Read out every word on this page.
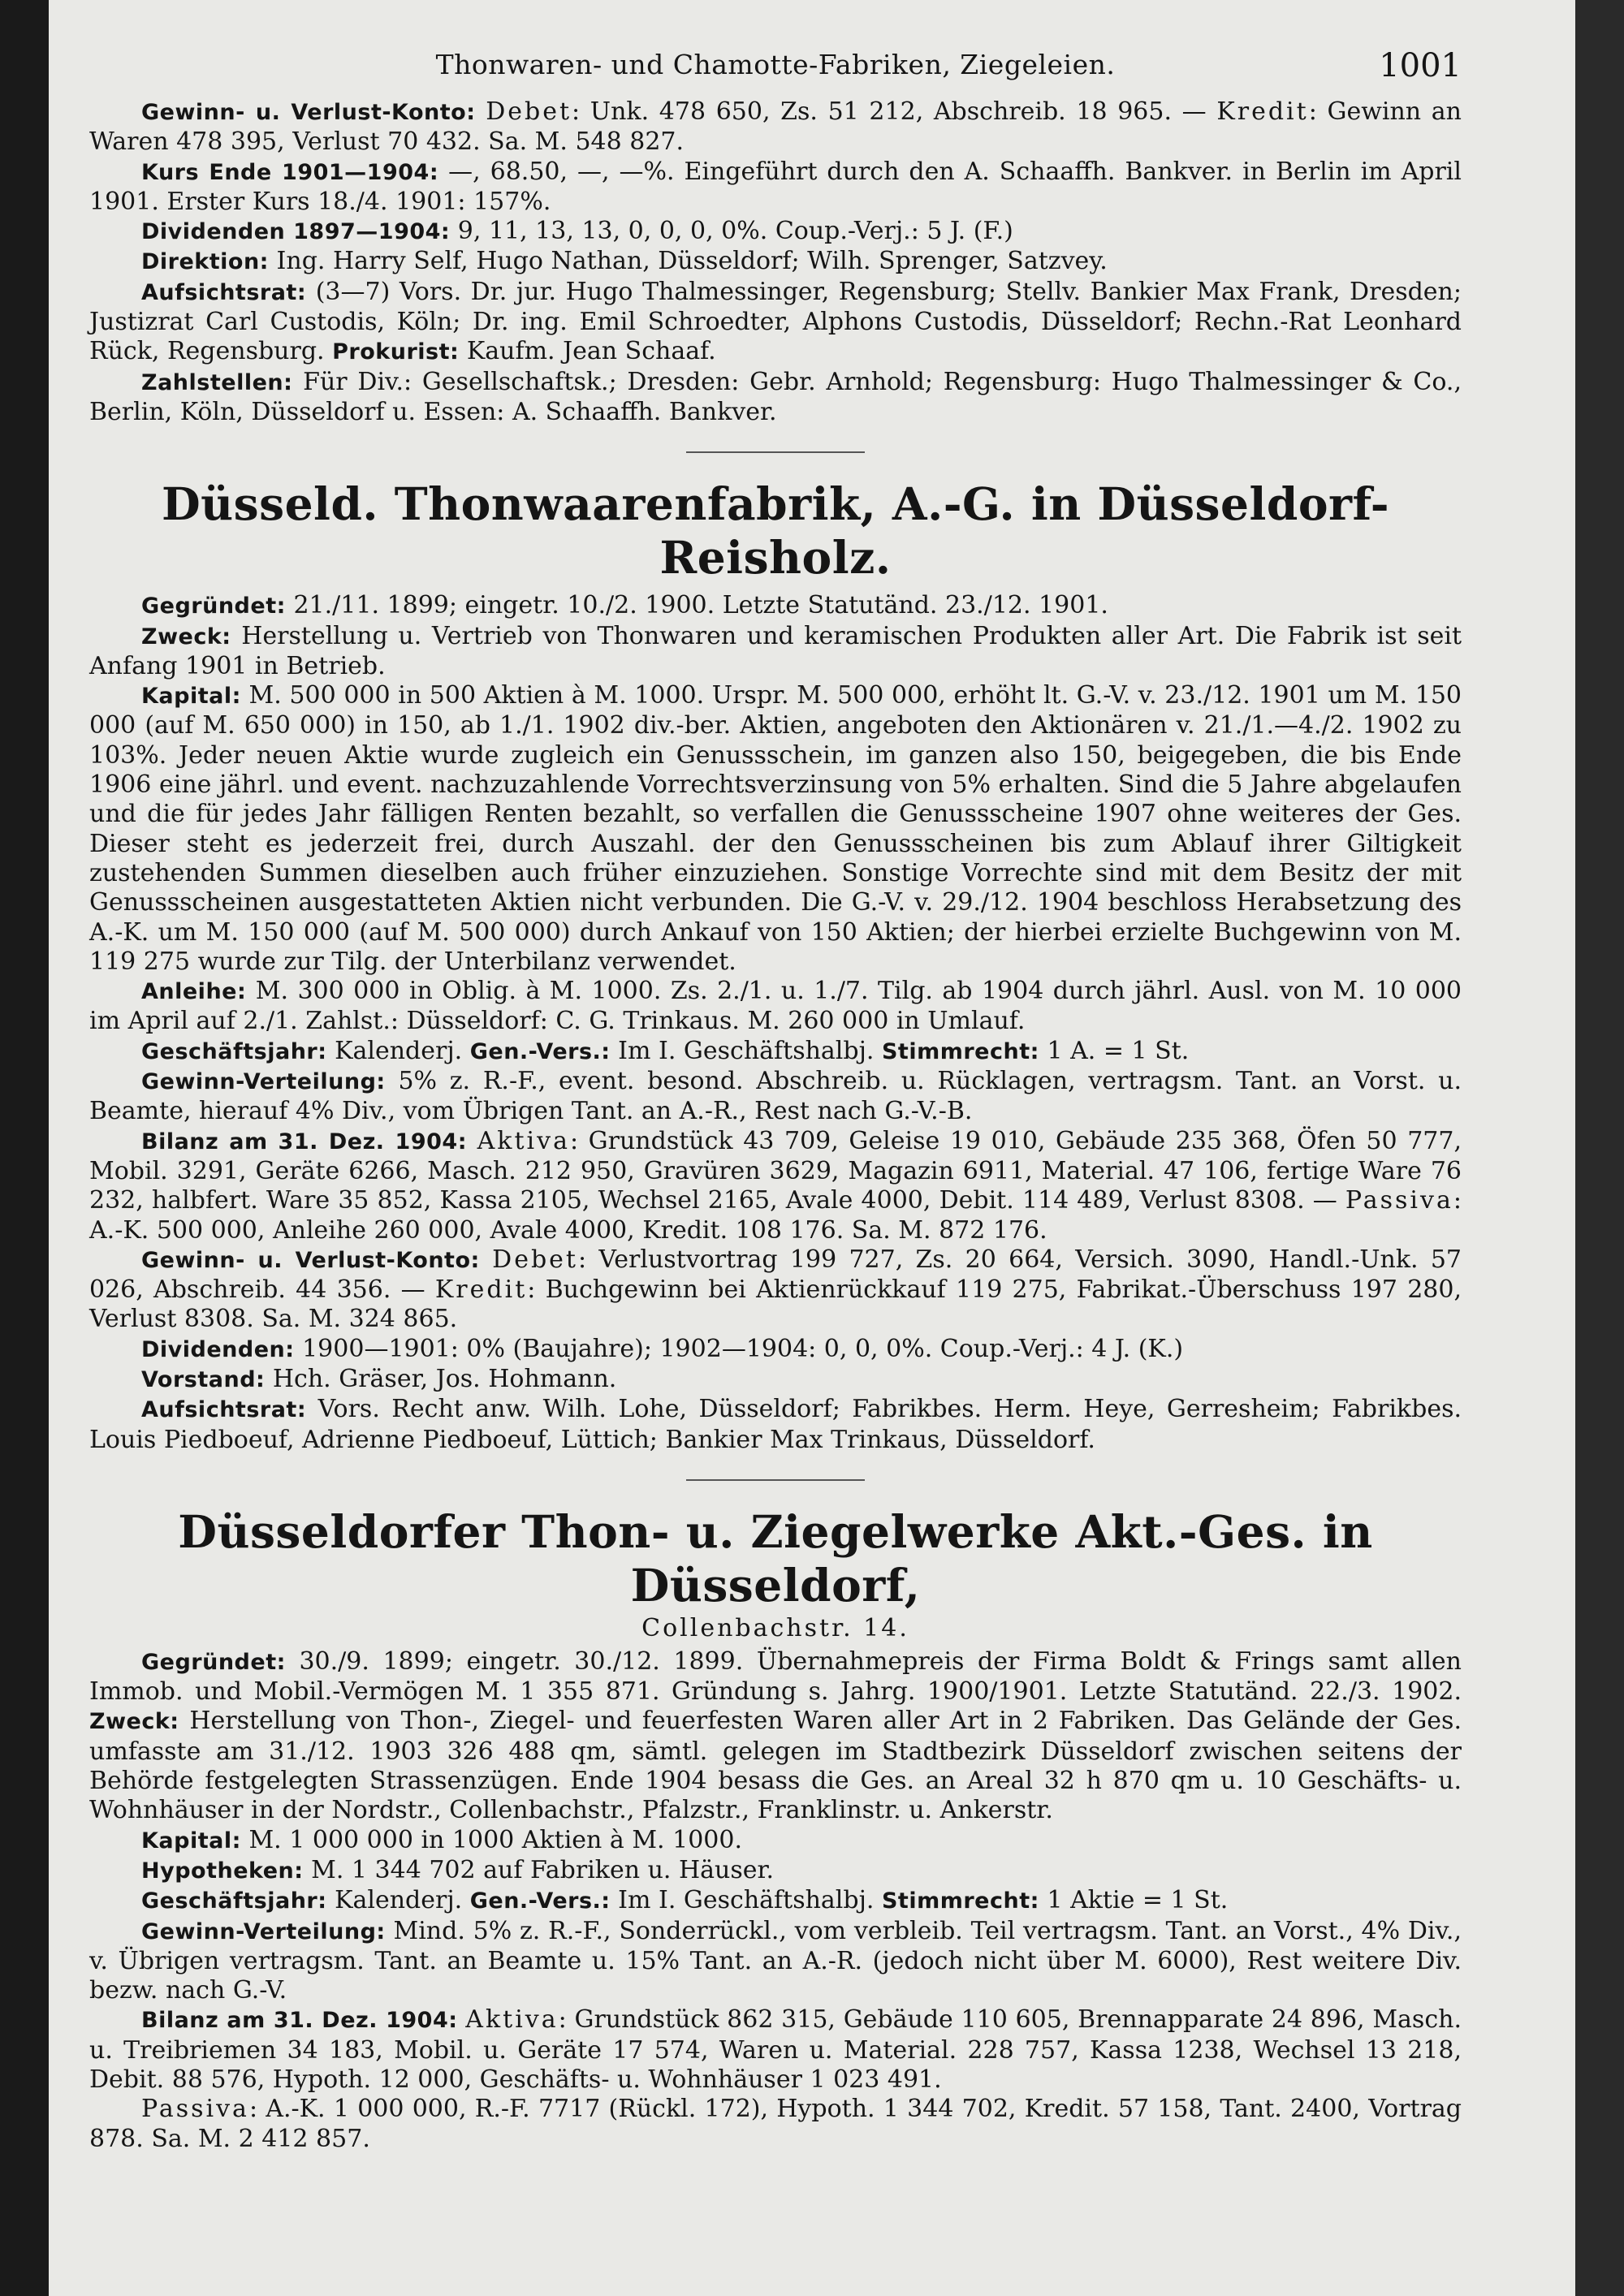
Thonwaren- und Chamotte-Fabriken, Ziegeleien.	1001

Gewinn- u. Verlust-Konto: Debet: Unk. 478 650, Zs. 51 212, Abschreib. 18 965. — Kredit: Gewinn an Waren 478 395, Verlust 70 432. Sa. M. 548 827.

Kurs Ende 1901—1904: —, 68.50, —, —%. Eingeführt durch den A. Schaaffh. Bankver. in Berlin im April 1901. Erster Kurs 18./4. 1901: 157%.

Dividenden 1897—1904: 9, 11, 13, 13, 0, 0, 0, 0%. Coup.-Verj.: 5 J. (F.)

Direktion: Ing. Harry Self, Hugo Nathan, Düsseldorf; Wilh. Sprenger, Satzvey.

Aufsichtsrat: (3—7) Vors. Dr. jur. Hugo Thalmessinger, Regensburg; Stellv. Bankier Max Frank, Dresden; Justizrat Carl Custodis, Köln; Dr. ing. Emil Schroedter, Alphons Custodis, Düsseldorf; Rechn.-Rat Leonhard Rück, Regensburg. Prokurist: Kaufm. Jean Schaaf.

Zahlstellen: Für Div.: Gesellschaftsk.; Dresden: Gebr. Arnhold; Regensburg: Hugo Thalmessinger & Co., Berlin, Köln, Düsseldorf u. Essen: A. Schaaffh. Bankver.

Düsseld. Thonwaarenfabrik, A.-G. in Düsseldorf-Reisholz.

Gegründet: 21./11. 1899; eingetr. 10./2. 1900. Letzte Statutänd. 23./12. 1901.

Zweck: Herstellung u. Vertrieb von Thonwaren und keramischen Produkten aller Art. Die Fabrik ist seit Anfang 1901 in Betrieb.

Kapital: M. 500 000 in 500 Aktien à M. 1000. Urspr. M. 500 000, erhöht lt. G.-V. v. 23./12. 1901 um M. 150 000 (auf M. 650 000) in 150, ab 1./1. 1902 div.-ber. Aktien, angeboten den Aktionären v. 21./1.—4./2. 1902 zu 103%. Jeder neuen Aktie wurde zugleich ein Genussschein, im ganzen also 150, beigegeben, die bis Ende 1906 eine jährl. und event. nachzuzahlende Vorrechtsverzinsung von 5% erhalten. Sind die 5 Jahre abgelaufen und die für jedes Jahr fälligen Renten bezahlt, so verfallen die Genussscheine 1907 ohne weiteres der Ges. Dieser steht es jederzeit frei, durch Auszahl. der den Genussscheinen bis zum Ablauf ihrer Giltigkeit zustehenden Summen dieselben auch früher einzuziehen. Sonstige Vorrechte sind mit dem Besitz der mit Genussscheinen ausgestatteten Aktien nicht verbunden. Die G.-V. v. 29./12. 1904 beschloss Herabsetzung des A.-K. um M. 150 000 (auf M. 500 000) durch Ankauf von 150 Aktien; der hierbei erzielte Buchgewinn von M. 119 275 wurde zur Tilg. der Unterbilanz verwendet.

Anleihe: M. 300 000 in Oblig. à M. 1000. Zs. 2./1. u. 1./7. Tilg. ab 1904 durch jährl. Ausl. von M. 10 000 im April auf 2./1. Zahlst.: Düsseldorf: C. G. Trinkaus. M. 260 000 in Umlauf.

Geschäftsjahr: Kalenderj. Gen.-Vers.: Im I. Geschäftshalbj. Stimmrecht: 1 A. = 1 St.

Gewinn-Verteilung: 5% z. R.-F., event. besond. Abschreib. u. Rücklagen, vertragsm. Tant. an Vorst. u. Beamte, hierauf 4% Div., vom Übrigen Tant. an A.-R., Rest nach G.-V.-B.

Bilanz am 31. Dez. 1904: Aktiva: Grundstück 43 709, Geleise 19 010, Gebäude 235 368, Öfen 50 777, Mobil. 3291, Geräte 6266, Masch. 212 950, Gravüren 3629, Magazin 6911, Material. 47 106, fertige Ware 76 232, halbfert. Ware 35 852, Kassa 2105, Wechsel 2165, Avale 4000, Debit. 114 489, Verlust 8308. — Passiva: A.-K. 500 000, Anleihe 260 000, Avale 4000, Kredit. 108 176. Sa. M. 872 176.

Gewinn- u. Verlust-Konto: Debet: Verlustvortrag 199 727, Zs. 20 664, Versich. 3090, Handl.-Unk. 57 026, Abschreib. 44 356. — Kredit: Buchgewinn bei Aktienrückkauf 119 275, Fabrikat.-Überschuss 197 280, Verlust 8308. Sa. M. 324 865.

Dividenden: 1900—1901: 0% (Baujahre); 1902—1904: 0, 0, 0%. Coup.-Verj.: 4 J. (K.)

Vorstand: Hch. Gräser, Jos. Hohmann.

Aufsichtsrat: Vors. Recht anw. Wilh. Lohe, Düsseldorf; Fabrikbes. Herm. Heye, Gerresheim; Fabrikbes. Louis Piedboeuf, Adrienne Piedboeuf, Lüttich; Bankier Max Trinkaus, Düsseldorf.

Düsseldorfer Thon- u. Ziegelwerke Akt.-Ges. in Düsseldorf,
Collenbachstr. 14.

Gegründet: 30./9. 1899; eingetr. 30./12. 1899. Übernahmepreis der Firma Boldt & Frings samt allen Immob. und Mobil.-Vermögen M. 1 355 871. Gründung s. Jahrg. 1900/1901. Letzte Statutänd. 22./3. 1902. Zweck: Herstellung von Thon-, Ziegel- und feuerfesten Waren aller Art in 2 Fabriken. Das Gelände der Ges. umfasste am 31./12. 1903 326 488 qm, sämtl. gelegen im Stadtbezirk Düsseldorf zwischen seitens der Behörde festgelegten Strassenzügen. Ende 1904 besass die Ges. an Areal 32 h 870 qm u. 10 Geschäfts- u. Wohnhäuser in der Nordstr., Collenbachstr., Pfalzstr., Franklinstr. u. Ankerstr.

Kapital: M. 1 000 000 in 1000 Aktien à M. 1000.

Hypotheken: M. 1 344 702 auf Fabriken u. Häuser.

Geschäftsjahr: Kalenderj. Gen.-Vers.: Im I. Geschäftshalbj. Stimmrecht: 1 Aktie = 1 St.

Gewinn-Verteilung: Mind. 5% z. R.-F., Sonderrückl., vom verbleib. Teil vertragsm. Tant. an Vorst., 4% Div., v. Übrigen vertragsm. Tant. an Beamte u. 15% Tant. an A.-R. (jedoch nicht über M. 6000), Rest weitere Div. bezw. nach G.-V.

Bilanz am 31. Dez. 1904: Aktiva: Grundstück 862 315, Gebäude 110 605, Brennapparate 24 896, Masch. u. Treibriemen 34 183, Mobil. u. Geräte 17 574, Waren u. Material. 228 757, Kassa 1238, Wechsel 13 218, Debit. 88 576, Hypoth. 12 000, Geschäfts- u. Wohnhäuser 1 023 491.

Passiva: A.-K. 1 000 000, R.-F. 7717 (Rückl. 172), Hypoth. 1 344 702, Kredit. 57 158, Tant. 2400, Vortrag 878. Sa. M. 2 412 857.
